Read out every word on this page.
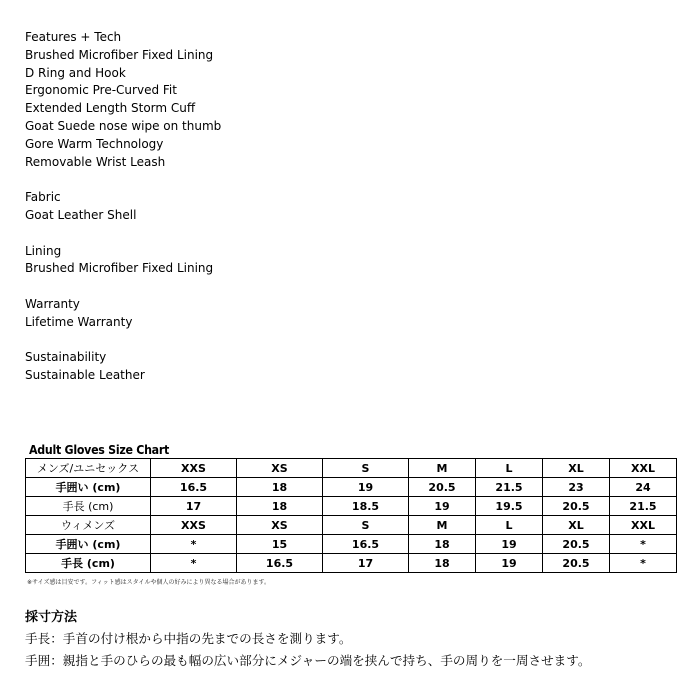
Features + Tech
Brushed Microfiber Fixed Lining
D Ring and Hook
Ergonomic Pre-Curved Fit
Extended Length Storm Cuff
Goat Suede nose wipe on thumb
Gore Warm Technology
Removable Wrist Leash
Fabric
Goat Leather Shell
Lining
Brushed Microfiber Fixed Lining
Warranty
Lifetime Warranty
Sustainability
Sustainable Leather
Adult Gloves Size Chart
メンズ/ユニセックス	XXS	XS	S	M	L	XL	XXL
手囲い (cm)	16.5	18	19	20.5	21.5	23	24
手長 (cm)	17	18	18.5	19	19.5	20.5	21.5
ウィメンズ	XXS	XS	S	M	L	XL	XXL
手囲い (cm)	*	15	16.5	18	19	20.5	*
手長 (cm)	*	16.5	17	18	19	20.5	*
※サイズ感は目安です。フィット感はスタイルや個人の好みにより異なる場合があります。
採寸方法
手長：手首の付け根から中指の先までの長さを測ります。
手囲：親指と手のひらの最も幅の広い部分にメジャーの端を挟んで持ち、手の周りを一周させます。
